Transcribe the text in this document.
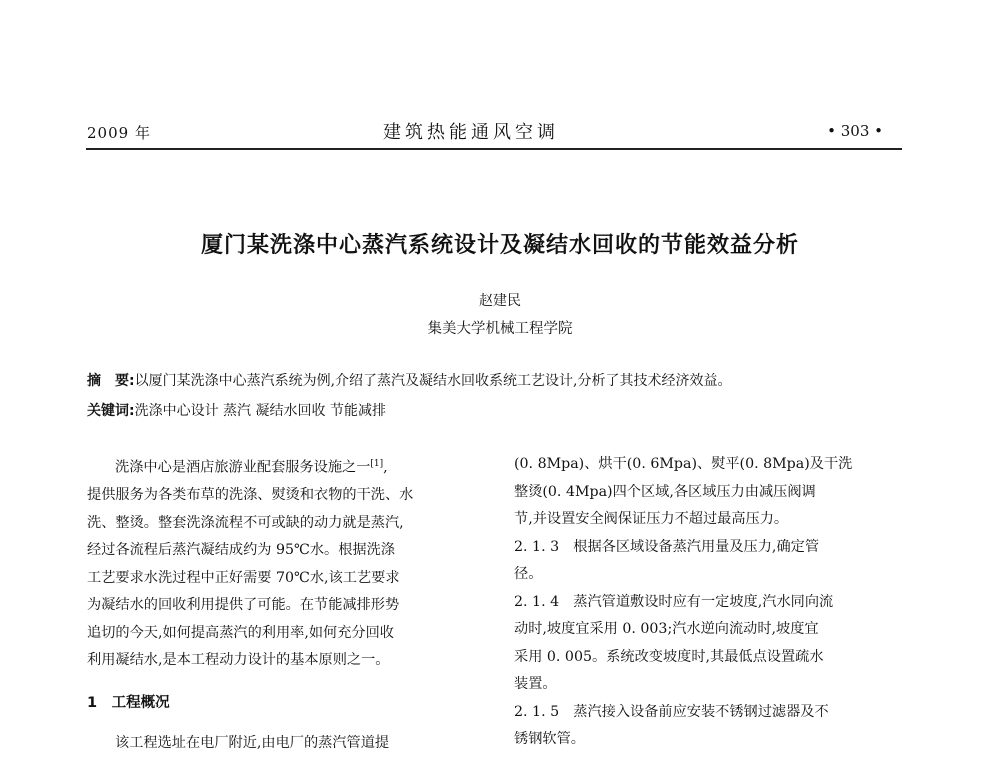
2009 年	建筑热能通风空调	• 303 •
厦门某洗涤中心蒸汽系统设计及凝结水回收的节能效益分析
赵建民
集美大学机械工程学院
摘　要:以厦门某洗涤中心蒸汽系统为例,介绍了蒸汽及凝结水回收系统工艺设计,分析了其技术经济效益。
关键词:洗涤中心设计 蒸汽 凝结水回收 节能减排

洗涤中心是酒店旅游业配套服务设施之一[1],

提供服务为各类布草的洗涤、熨烫和衣物的干洗、水

洗、整烫。整套洗涤流程不可或缺的动力就是蒸汽,

经过各流程后蒸汽凝结成约为 95℃水。根据洗涤

工艺要求水洗过程中正好需要 70℃水,该工艺要求

为凝结水的回收利用提供了可能。在节能减排形势

追切的今天,如何提高蒸汽的利用率,如何充分回收

利用凝结水,是本工程动力设计的基本原则之一。

1　工程概况

该工程选址在电厂附近,由电厂的蒸汽管道提

(0. 8Mpa)、烘干(0. 6Mpa)、熨平(0. 8Mpa)及干洗

整烫(0. 4Mpa)四个区域,各区域压力由减压阀调

节,并设置安全阀保证压力不超过最高压力。

2. 1. 3　根据各区域设备蒸汽用量及压力,确定管

径。

2. 1. 4　蒸汽管道敷设时应有一定坡度,汽水同向流

动时,坡度宜采用 0. 003;汽水逆向流动时,坡度宜

采用 0. 005。系统改变坡度时,其最低点设置疏水

装置。

2. 1. 5　蒸汽接入设备前应安装不锈钢过滤器及不

锈钢软管。
